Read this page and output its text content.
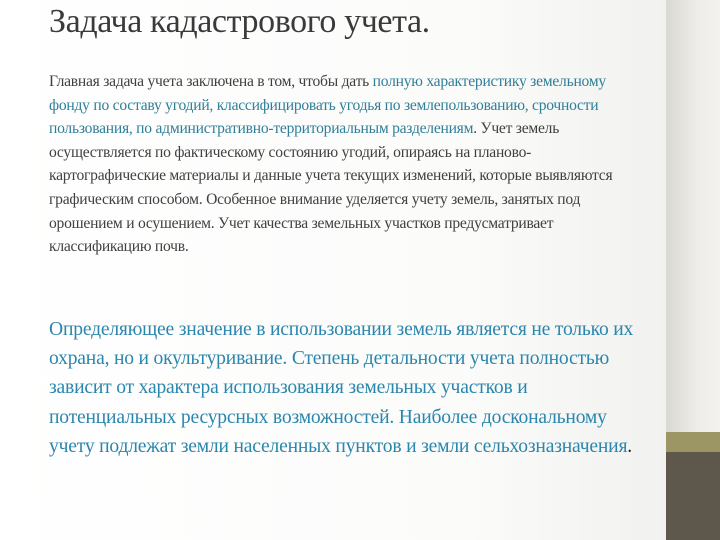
Задача кадастрового учета.

Главная задача учета заключена в том, чтобы дать полную характеристику земельному фонду по составу угодий, классифицировать угодья по землепользованию, срочности пользования, по административно-территориальным разделениям. Учет земель осуществляется по фактическому состоянию угодий, опираясь на планово-картографические материалы и данные учета текущих изменений, которые выявляются графическим способом. Особенное внимание уделяется учету земель, занятых под орошением и осушением. Учет качества земельных участков предусматривает классификацию почв.

Определяющее значение в использовании земель является не только их охрана, но и окультуривание. Степень детальности учета полностью зависит от характера использования земельных участков и потенциальных ресурсных возможностей. Наиболее доскональному учету подлежат земли населенных пунктов и земли сельхозназначения.
